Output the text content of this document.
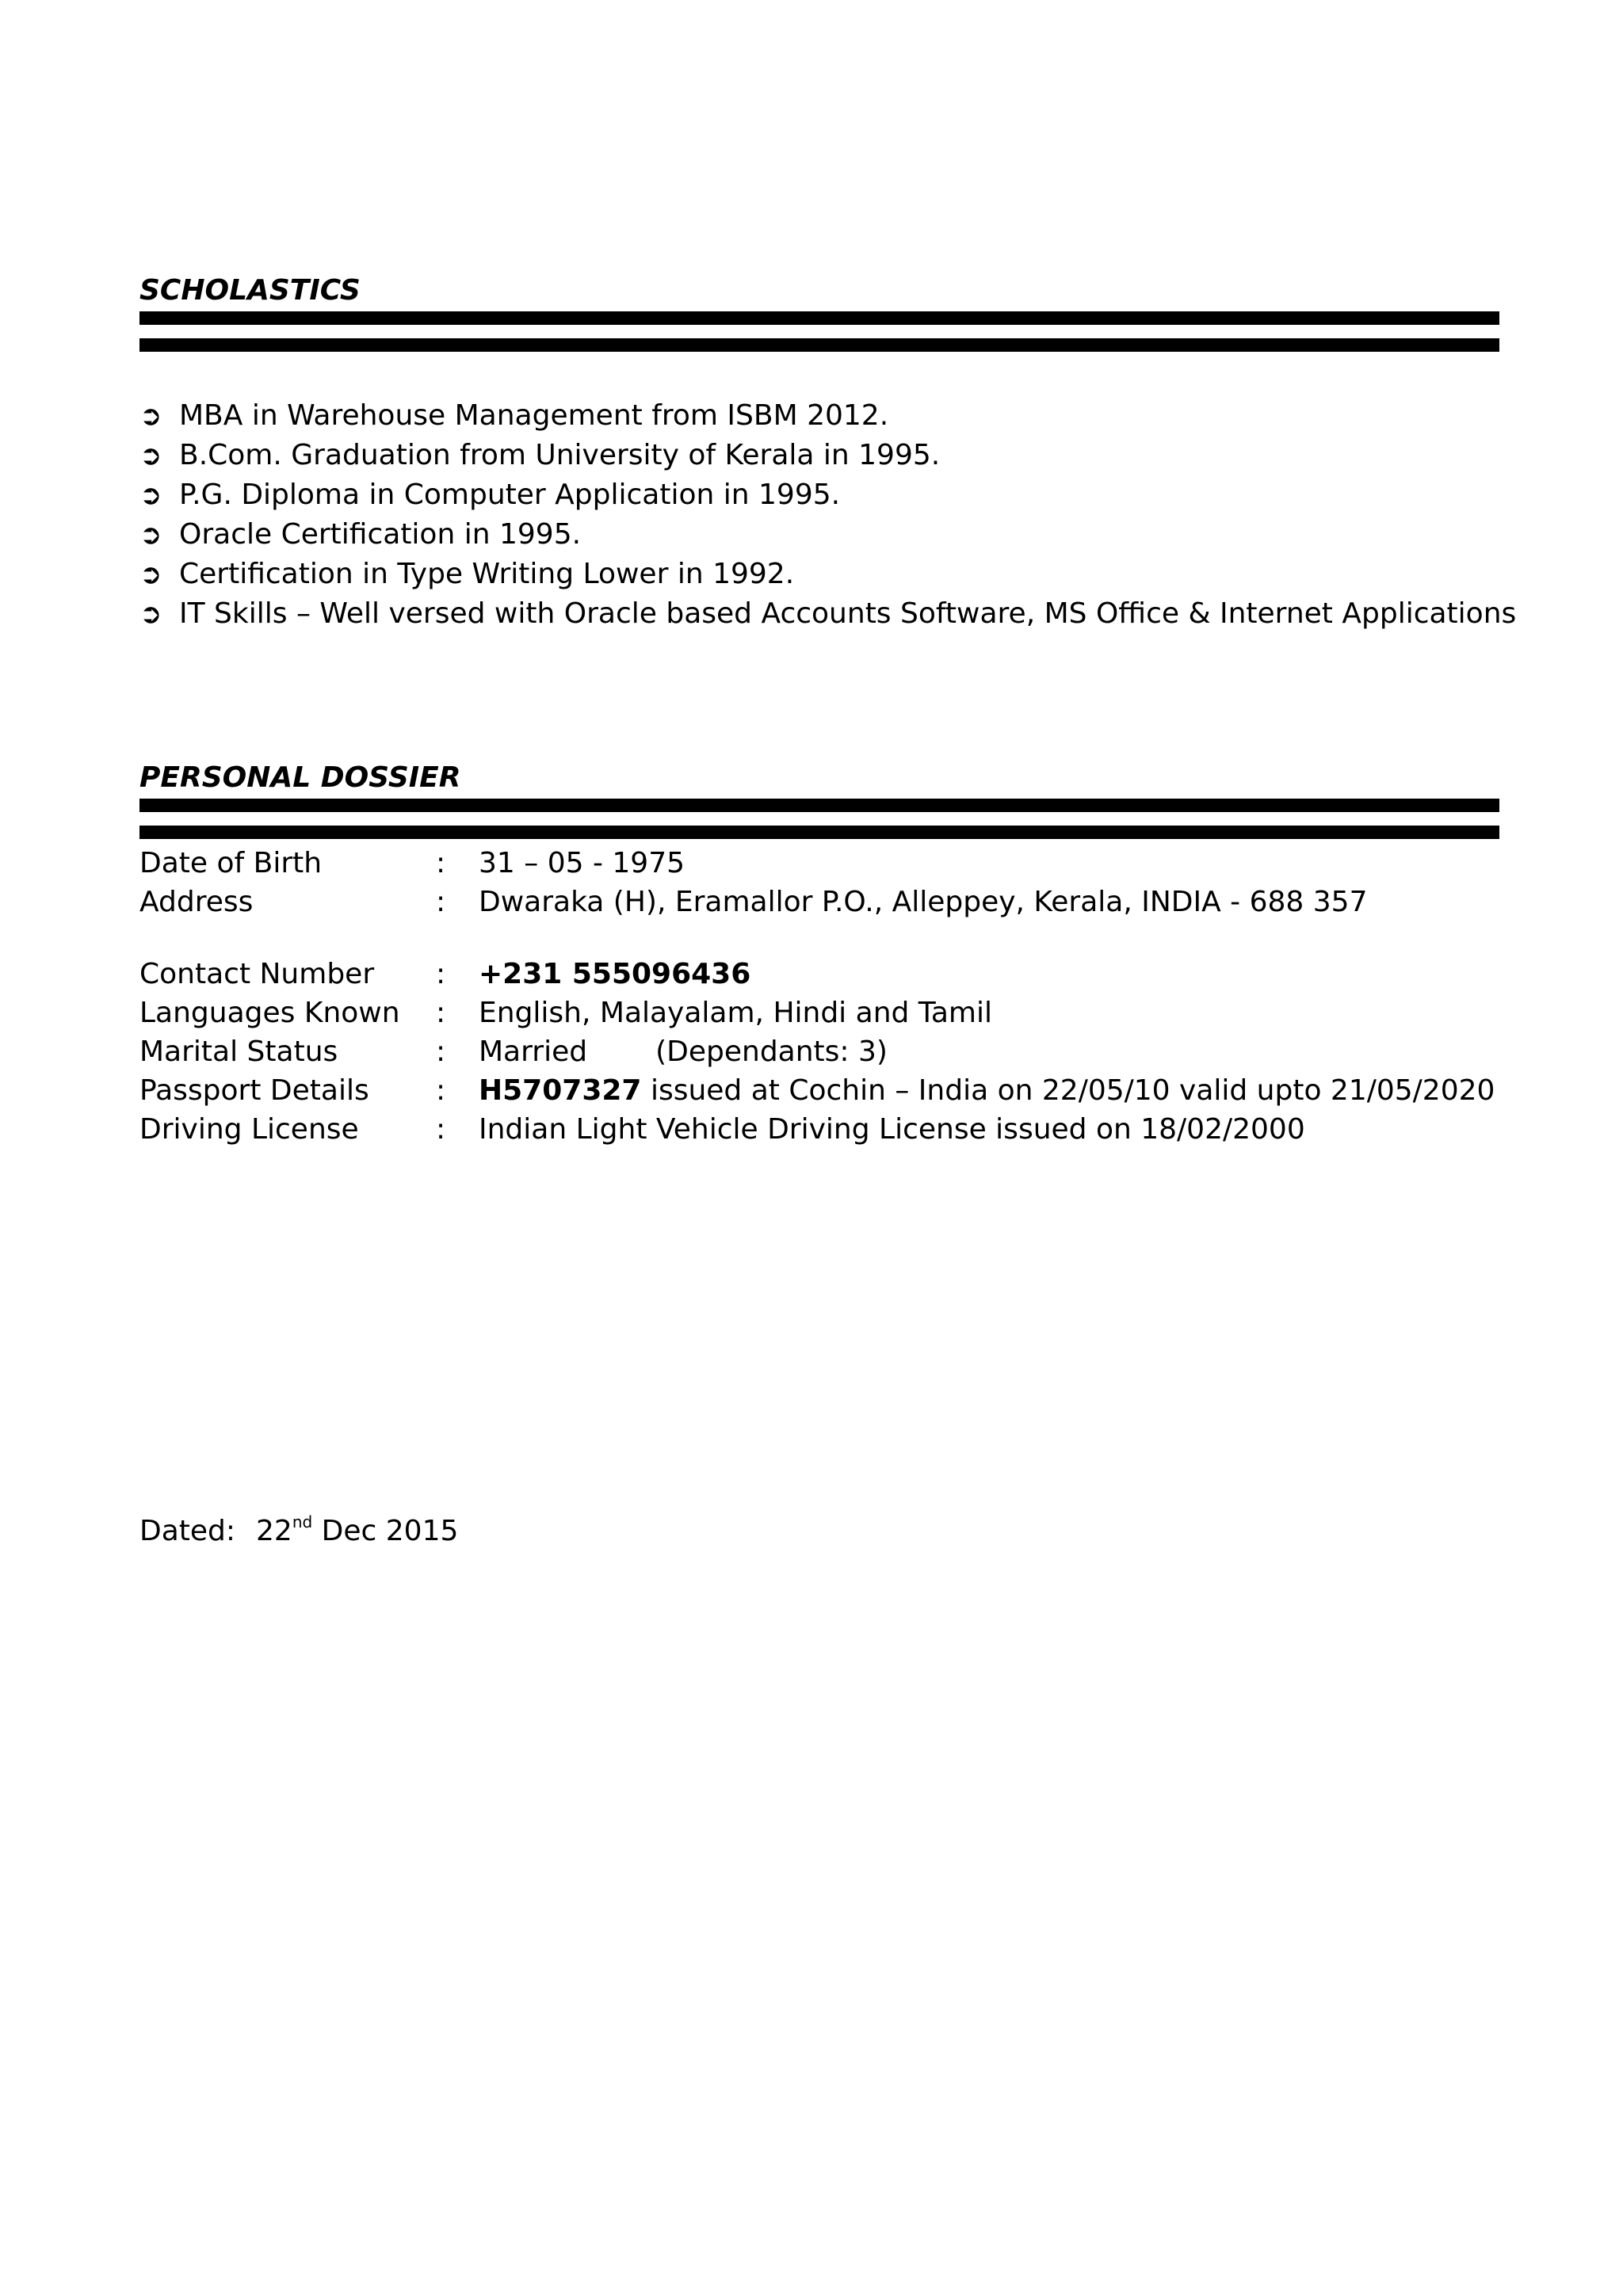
SCHOLASTICS
➲ MBA in Warehouse Management from ISBM 2012.
➲ B.Com. Graduation from University of Kerala in 1995.
➲ P.G. Diploma in Computer Application in 1995.
➲ Oracle Certification in 1995.
➲ Certification in Type Writing Lower in 1992.
➲ IT Skills – Well versed with Oracle based Accounts Software, MS Office & Internet Applications
PERSONAL DOSSIER
Date of Birth	:	31 – 05 - 1975
Address	:	Dwaraka (H), Eramallor P.O., Alleppey, Kerala, INDIA - 688 357
Contact Number	:	+231 555096436
Languages Known	:	English, Malayalam, Hindi and Tamil
Marital Status	:	Married (Dependants: 3)
Passport Details	:	H5707327 issued at Cochin – India on 22/05/10 valid upto 21/05/2020
Driving License	:	Indian Light Vehicle Driving License issued on 18/02/2000
Dated: 22nd Dec 2015
